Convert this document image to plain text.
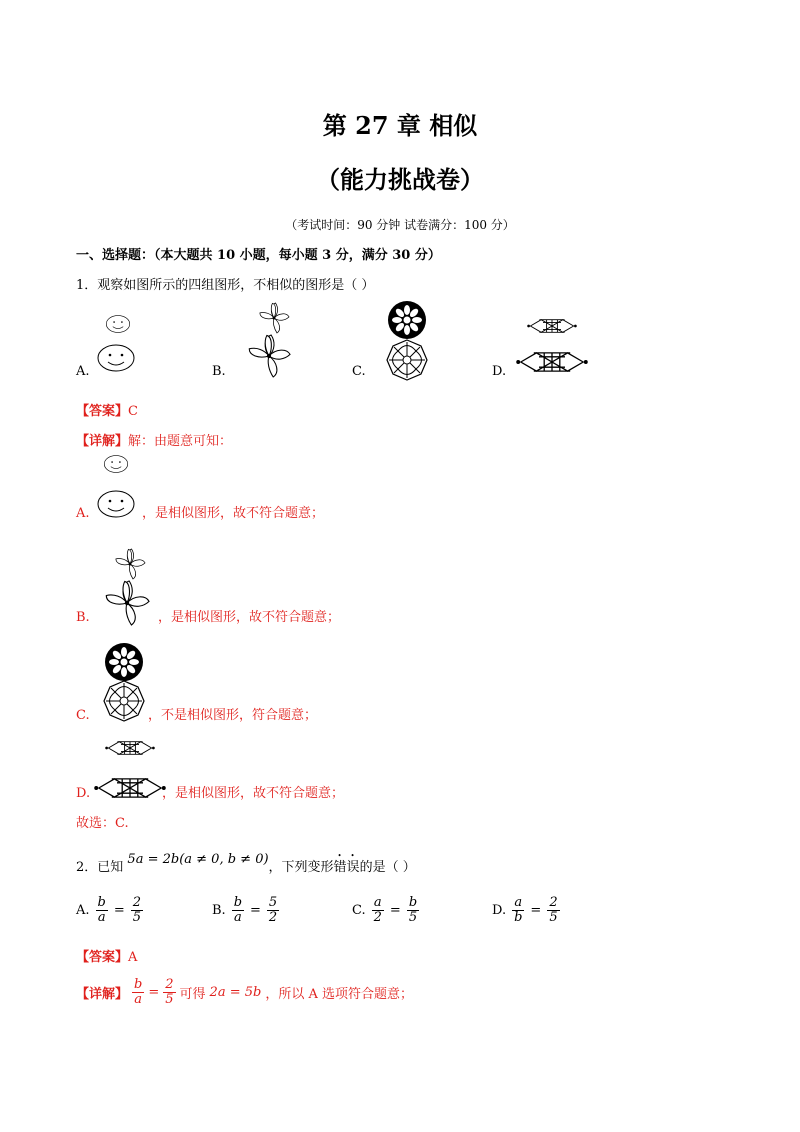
第 27 章 相似
（能力挑战卷）
（考试时间：90 分钟 试卷满分：100 分）
一、选择题：（本大题共 10 小题，每小题 3 分，满分 30 分）
1．观察如图所示的四组图形，不相似的图形是（ ）
A.	B.	C.	D.
【答案】C
【详解】解：由题意可知：
A.	，是相似图形，故不符合题意；
B.	，是相似图形，故不符合题意；
C.	，不是相似图形，符合题意；
D.	，是相似图形，故不符合题意；
故选：C.
2．已知 5a = 2b(a ≠ 0, b ≠ 0)，下列变形错误的是（ ）
A. $\frac{b}{a} = \frac{2}{5}$	B. $\frac{b}{a} = \frac{5}{2}$	C. $\frac{a}{2} = \frac{b}{5}$	D. $\frac{a}{b} = \frac{2}{5}$
【答案】A
【详解】 $\frac{b}{a} = \frac{2}{5}$ 可得 2a = 5b ，所以 A 选项符合题意；
